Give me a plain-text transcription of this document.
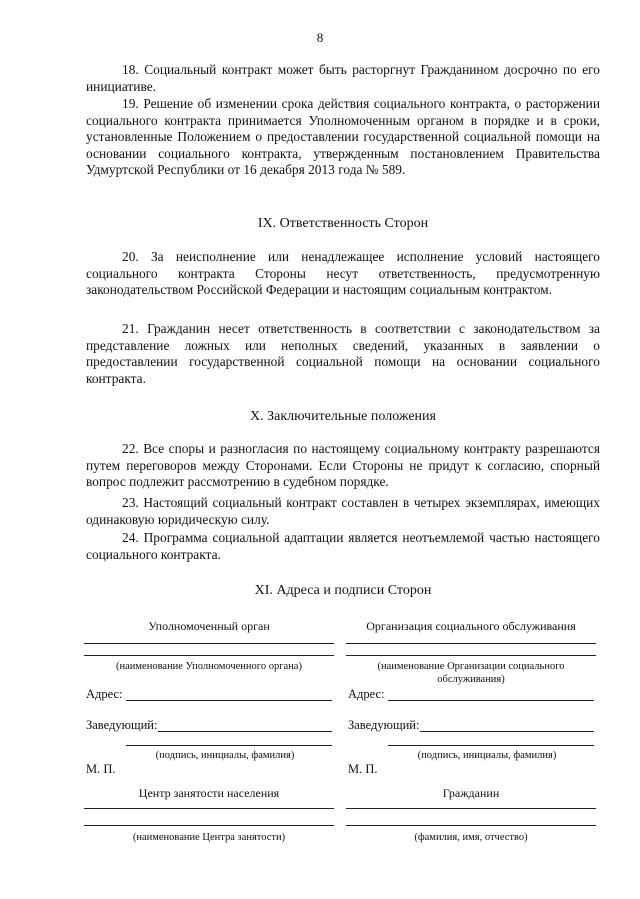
8

18. Социальный контракт может быть расторгнут Гражданином досрочно по его инициативе.

19. Решение об изменении срока действия социального контракта, о расторжении социального контракта принимается Уполномоченным органом в порядке и в сроки, установленные Положением о предоставлении государственной социальной помощи на основании социального контракта, утвержденным постановлением Правительства Удмуртской Республики от 16 декабря 2013 года № 589.

IX. Ответственность Сторон

20. За неисполнение или ненадлежащее исполнение условий настоящего социального контракта Стороны несут ответственность, предусмотренную законодательством Российской Федерации и настоящим социальным контрактом.

21. Гражданин несет ответственность в соответствии с законодательством за представление ложных или неполных сведений, указанных в заявлении о предоставлении государственной социальной помощи на основании социального контракта.

X. Заключительные положения

22. Все споры и разногласия по настоящему социальному контракту разрешаются путем переговоров между Сторонами. Если Стороны не придут к согласию, спорный вопрос подлежит рассмотрению в судебном порядке.

23. Настоящий социальный контракт составлен в четырех экземплярах, имеющих одинаковую юридическую силу.

24. Программа социальной адаптации является неотъемлемой частью настоящего социального контракта.

XI. Адреса и подписи Сторон

Уполномоченный орган
(наименование Уполномоченного органа)
Адрес:
Заведующий:
(подпись, инициалы, фамилия)
М. П.
Центр занятости населения
(наименование Центра занятости)
Организация социального обслуживания
(наименование Организации социального
обслуживания)
Адрес:
Заведующий:
(подпись, инициалы, фамилия)
М. П.
Гражданин
(фамилия, имя, отчество)
